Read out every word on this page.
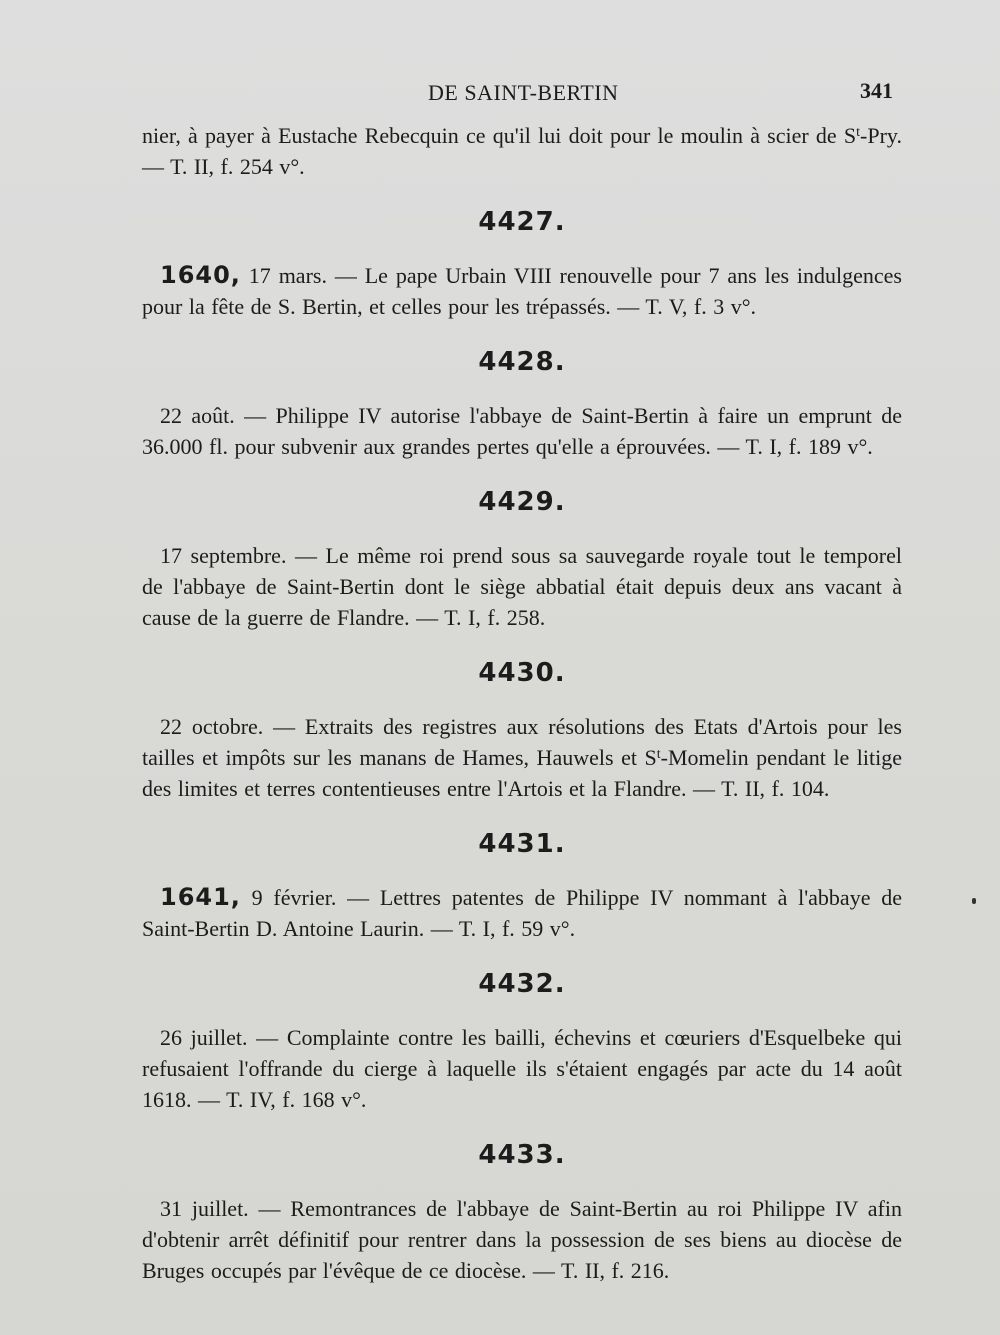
DE SAINT-BERTIN	341

nier, à payer à Eustache Rebecquin ce qu'il lui doit pour le moulin à scier de $S^t$-Pry. — T. II, f. 254 v°.

4427.

1640, 17 mars. — Le pape Urbain VIII renouvelle pour 7 ans les indulgences pour la fête de S. Bertin, et celles pour les trépassés. — T. V, f. 3 v°.

4428.

22 août. — Philippe IV autorise l'abbaye de Saint-Bertin à faire un emprunt de 36.000 fl. pour subvenir aux grandes pertes qu'elle a éprouvées. — T. I, f. 189 v°.

4429.

17 septembre. — Le même roi prend sous sa sauvegarde royale tout le temporel de l'abbaye de Saint-Bertin dont le siège abbatial était depuis deux ans vacant à cause de la guerre de Flandre. — T. I, f. 258.

4430.

22 octobre. — Extraits des registres aux résolutions des Etats d'Artois pour les tailles et impôts sur les manans de Hames, Hauwels et $S^t$-Momelin pendant le litige des limites et terres contentieuses entre l'Artois et la Flandre. — T. II, f. 104.

4431.

1641, 9 février. — Lettres patentes de Philippe IV nommant à l'abbaye de Saint-Bertin D. Antoine Laurin. — T. I, f. 59 v°.

4432.

26 juillet. — Complainte contre les bailli, échevins et cœuriers d'Esquelbeke qui refusaient l'offrande du cierge à laquelle ils s'étaient engagés par acte du 14 août 1618. — T. IV, f. 168 v°.

4433.

31 juillet. — Remontrances de l'abbaye de Saint-Bertin au roi Philippe IV afin d'obtenir arrêt définitif pour rentrer dans la possession de ses biens au diocèse de Bruges occupés par l'évêque de ce diocèse. — T. II, f. 216.
